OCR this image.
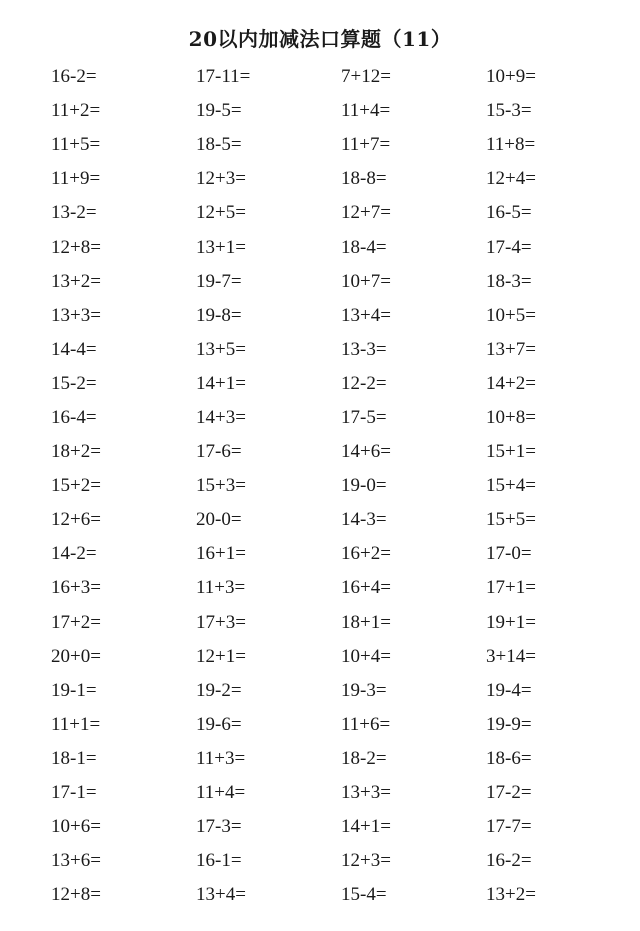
20以内加减法口算题（11）
16-2=	17-11=	7+12=	10+9=
11+2=	19-5=	11+4=	15-3=
11+5=	18-5=	11+7=	11+8=
11+9=	12+3=	18-8=	12+4=
13-2=	12+5=	12+7=	16-5=
12+8=	13+1=	18-4=	17-4=
13+2=	19-7=	10+7=	18-3=
13+3=	19-8=	13+4=	10+5=
14-4=	13+5=	13-3=	13+7=
15-2=	14+1=	12-2=	14+2=
16-4=	14+3=	17-5=	10+8=
18+2=	17-6=	14+6=	15+1=
15+2=	15+3=	19-0=	15+4=
12+6=	20-0=	14-3=	15+5=
14-2=	16+1=	16+2=	17-0=
16+3=	11+3=	16+4=	17+1=
17+2=	17+3=	18+1=	19+1=
20+0=	12+1=	10+4=	3+14=
19-1=	19-2=	19-3=	19-4=
11+1=	19-6=	11+6=	19-9=
18-1=	11+3=	18-2=	18-6=
17-1=	11+4=	13+3=	17-2=
10+6=	17-3=	14+1=	17-7=
13+6=	16-1=	12+3=	16-2=
12+8=	13+4=	15-4=	13+2=
